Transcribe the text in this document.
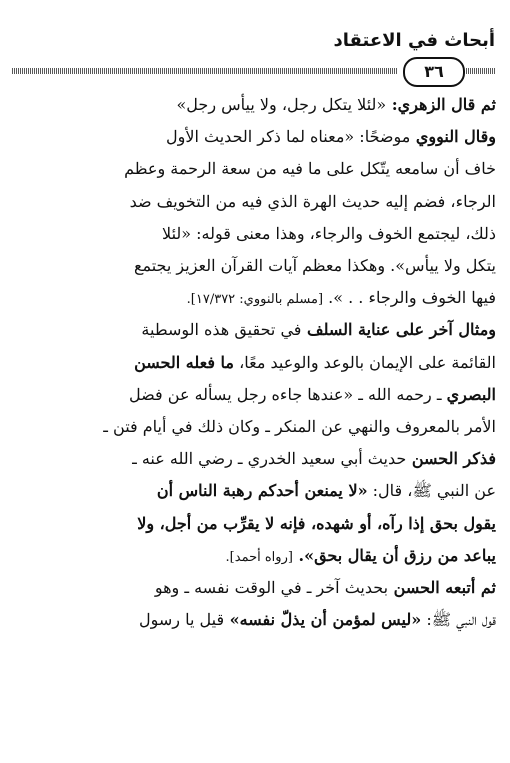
أبحاث في الاعتقاد
٣٦
ثم قال الزهري: «لئلا يتكل رجل، ولا ييأس رجل»
وقال النووي موضحًا: «معناه لما ذكر الحديث الأول
خاف أن سامعه يتّكل على ما فيه من سعة الرحمة وعظم
الرجاء، فضم إليه حديث الهرة الذي فيه من التخويف ضد
ذلك، ليجتمع الخوف والرجاء، وهذا معنى قوله: «لئلا
يتكل ولا ييأس». وهكذا معظم آيات القرآن العزيز يجتمع
فيها الخوف والرجاء . . ». [مسلم بالنووي: ١٧/٣٧٢].
ومثال آخر على عناية السلف في تحقيق هذه الوسطية
القائمة على الإيمان بالوعد والوعيد معًا، ما فعله الحسن
البصري ـ رحمه الله ـ «عندها جاءه رجل يسأله عن فضل
الأمر بالمعروف والنهي عن المنكر ـ وكان ذلك في أيام فتن ـ
فذكر الحسن حديث أبي سعيد الخدري ـ رضي الله عنه ـ
عن النبي ﷺ، قال: «لا يمنعن أحدكم رهبة الناس أن
يقول بحق إذا رآه، أو شهده، فإنه لا يقرِّب من أجل، ولا
يباعد من رزق أن يقال بحق». [رواه أحمد].
ثم أتبعه الحسن بحديث آخر ـ في الوقت نفسه ـ وهو
قول النبي ﷺ: «ليس لمؤمن أن يذلّ نفسه» قيل يا رسول
